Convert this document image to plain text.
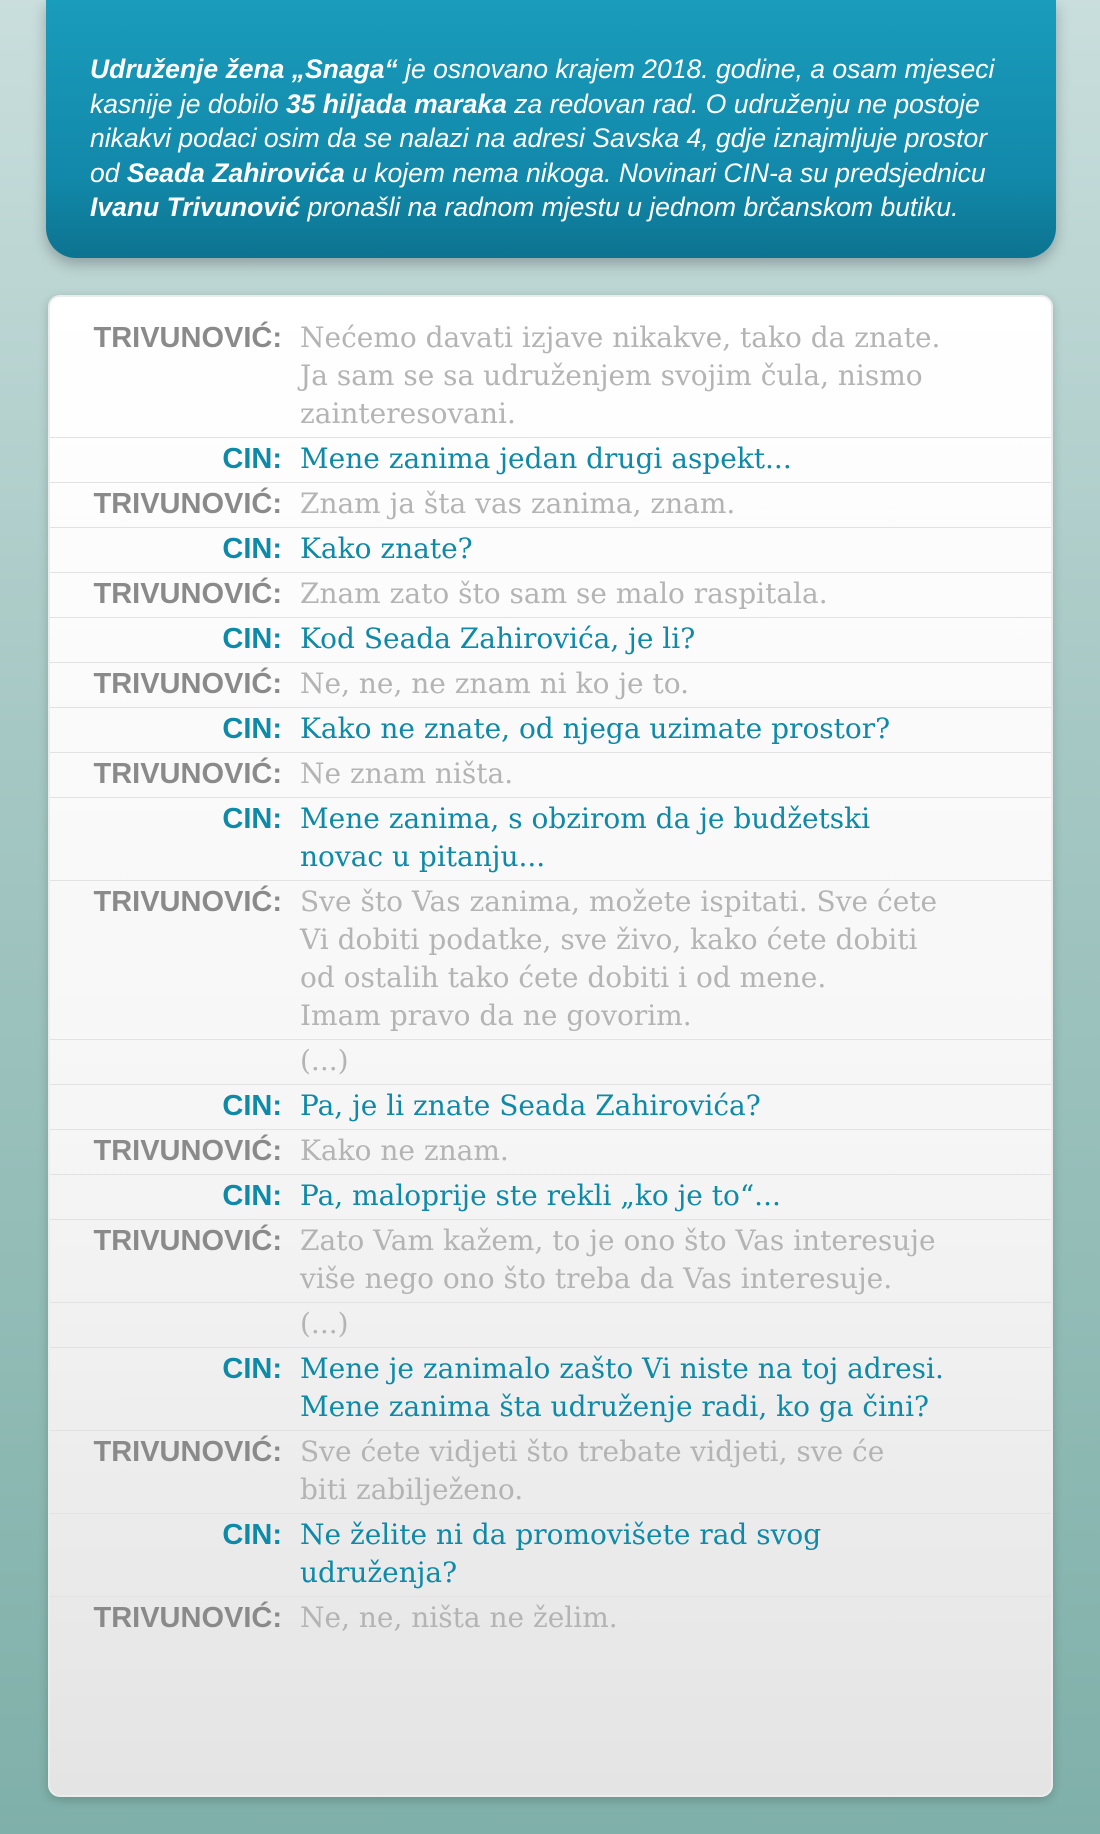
Udruženje žena „Snaga“ je osnovano krajem 2018. godine, a osam mjeseci kasnije je dobilo 35 hiljada maraka za redovan rad. O udruženju ne postoje nikakvi podaci osim da se nalazi na adresi Savska 4, gdje iznajmljuje prostor od Seada Zahirovića u kojem nema nikoga. Novinari CIN-a su predsjednicu Ivanu Trivunović pronašli na radnom mjestu u jednom brčanskom butiku.
TRIVUNOVIĆ: Nećemo davati izjave nikakve, tako da znate.
Ja sam se sa udruženjem svojim čula, nismo
zainteresovani.
CIN: Mene zanima jedan drugi aspekt...
TRIVUNOVIĆ: Znam ja šta vas zanima, znam.
CIN: Kako znate?
TRIVUNOVIĆ: Znam zato što sam se malo raspitala.
CIN: Kod Seada Zahirovića, je li?
TRIVUNOVIĆ: Ne, ne, ne znam ni ko je to.
CIN: Kako ne znate, od njega uzimate prostor?
TRIVUNOVIĆ: Ne znam ništa.
CIN: Mene zanima, s obzirom da je budžetski
novac u pitanju...
TRIVUNOVIĆ: Sve što Vas zanima, možete ispitati. Sve ćete
Vi dobiti podatke, sve živo, kako ćete dobiti
od ostalih tako ćete dobiti i od mene.
Imam pravo da ne govorim.
(...)
CIN: Pa, je li znate Seada Zahirovića?
TRIVUNOVIĆ: Kako ne znam.
CIN: Pa, maloprije ste rekli „ko je to“...
TRIVUNOVIĆ: Zato Vam kažem, to je ono što Vas interesuje
više nego ono što treba da Vas interesuje.
(...)
CIN: Mene je zanimalo zašto Vi niste na toj adresi.
Mene zanima šta udruženje radi, ko ga čini?
TRIVUNOVIĆ: Sve ćete vidjeti što trebate vidjeti, sve će
biti zabilježeno.
CIN: Ne želite ni da promovišete rad svog
udruženja?
TRIVUNOVIĆ: Ne, ne, ništa ne želim.
